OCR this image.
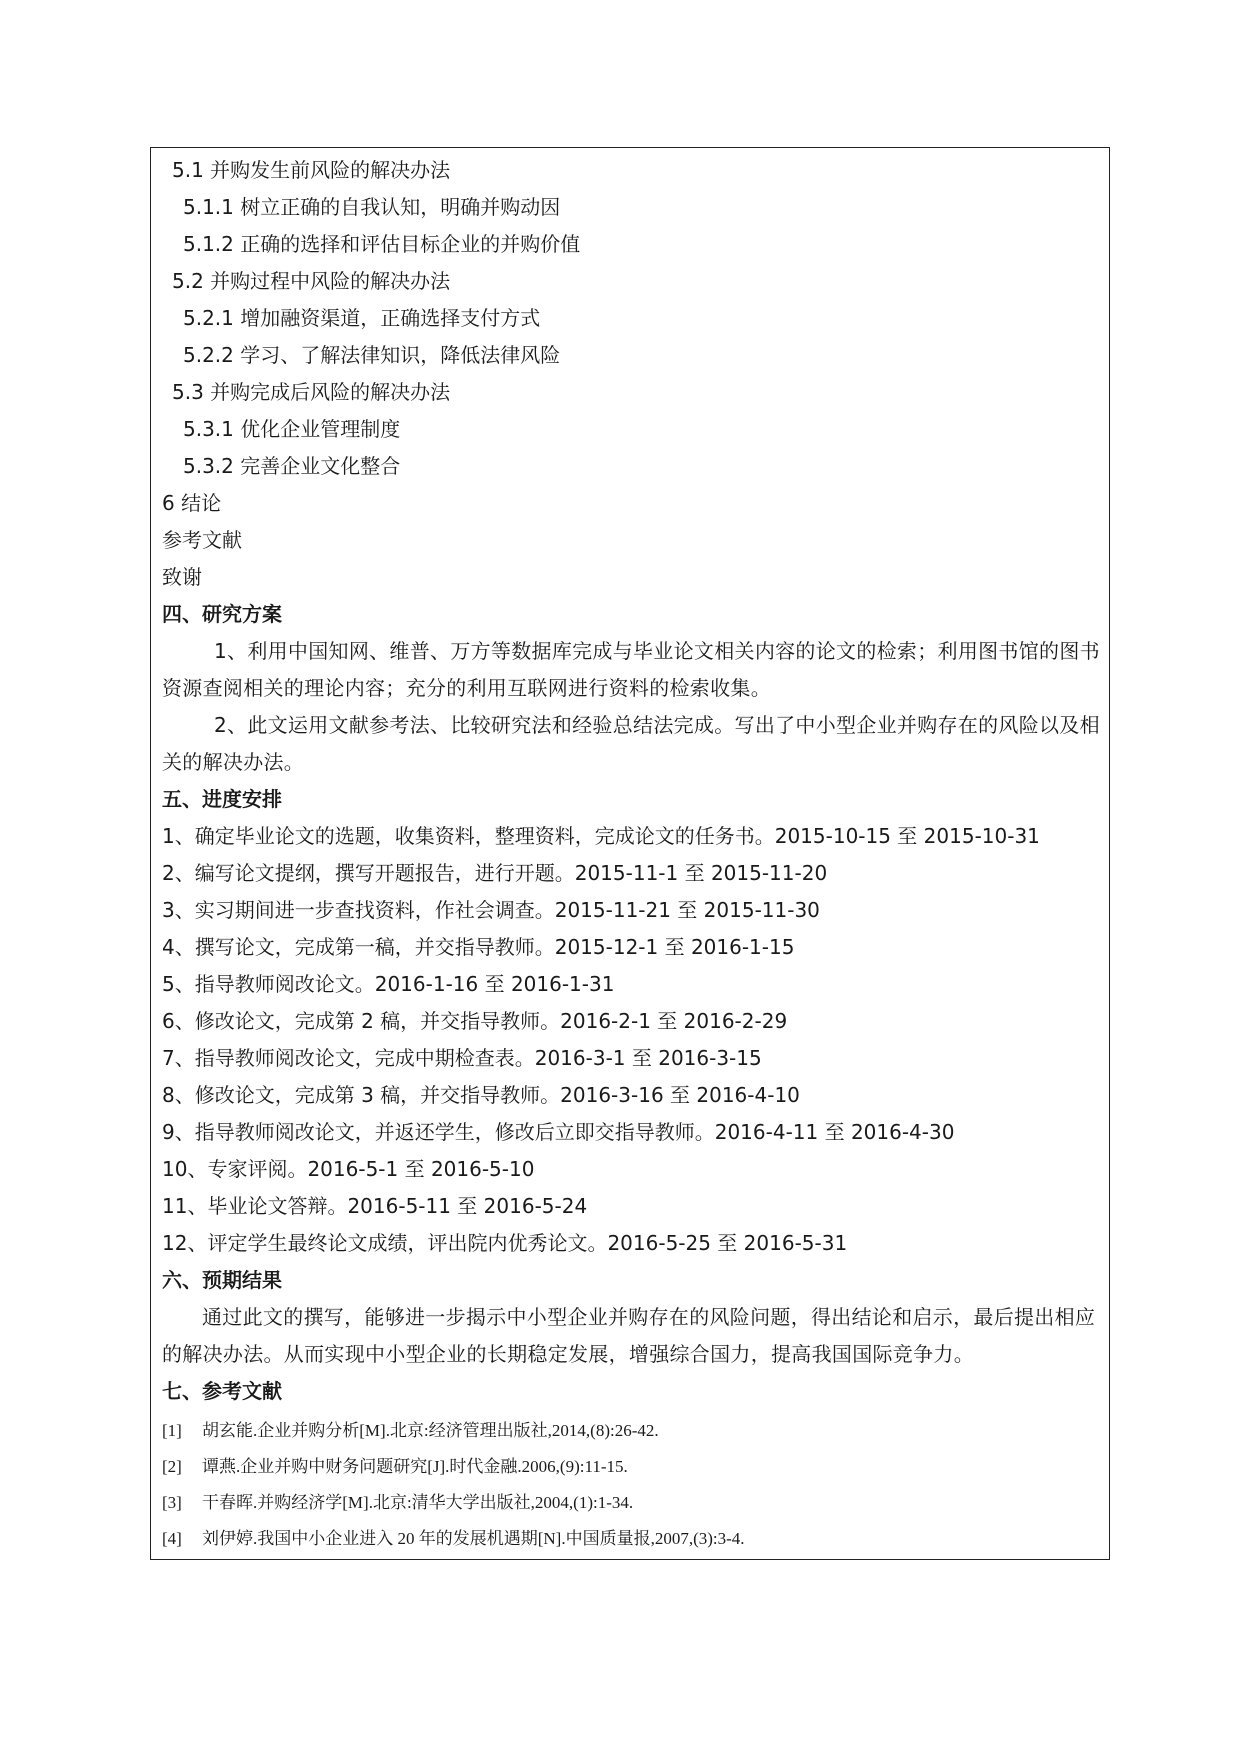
5.1 并购发生前风险的解决办法
5.1.1 树立正确的自我认知，明确并购动因
5.1.2 正确的选择和评估目标企业的并购价值
5.2 并购过程中风险的解决办法
5.2.1 增加融资渠道，正确选择支付方式
5.2.2 学习、了解法律知识，降低法律风险
5.3 并购完成后风险的解决办法
5.3.1 优化企业管理制度
5.3.2 完善企业文化整合
6 结论
参考文献
致谢
四、研究方案
1、利用中国知网、维普、万方等数据库完成与毕业论文相关内容的论文的检索；利用图书馆的图书资源查阅相关的理论内容；充分的利用互联网进行资料的检索收集。
2、此文运用文献参考法、比较研究法和经验总结法完成。写出了中小型企业并购存在的风险以及相关的解决办法。
五、进度安排
1、确定毕业论文的选题，收集资料，整理资料，完成论文的任务书。2015-10-15 至 2015-10-31
2、编写论文提纲，撰写开题报告，进行开题。2015-11-1 至 2015-11-20
3、实习期间进一步查找资料，作社会调查。2015-11-21 至 2015-11-30
4、撰写论文，完成第一稿，并交指导教师。2015-12-1 至 2016-1-15
5、指导教师阅改论文。2016-1-16 至 2016-1-31
6、修改论文，完成第 2 稿，并交指导教师。2016-2-1 至 2016-2-29
7、指导教师阅改论文，完成中期检查表。2016-3-1 至 2016-3-15
8、修改论文，完成第 3 稿，并交指导教师。2016-3-16 至 2016-4-10
9、指导教师阅改论文，并返还学生，修改后立即交指导教师。2016-4-11 至 2016-4-30
10、专家评阅。2016-5-1 至 2016-5-10
11、毕业论文答辩。2016-5-11 至 2016-5-24
12、评定学生最终论文成绩，评出院内优秀论文。2016-5-25 至 2016-5-31
六、预期结果
通过此文的撰写，能够进一步揭示中小型企业并购存在的风险问题，得出结论和启示，最后提出相应的解决办法。从而实现中小型企业的长期稳定发展，增强综合国力，提高我国国际竞争力。
七、参考文献
[1] 胡玄能.企业并购分析[M].北京:经济管理出版社,2014,(8):26-42.
[2] 谭燕.企业并购中财务问题研究[J].时代金融.2006,(9):11-15.
[3] 干春晖.并购经济学[M].北京:清华大学出版社,2004,(1):1-34.
[4] 刘伊婷.我国中小企业进入 20 年的发展机遇期[N].中国质量报,2007,(3):3-4.
